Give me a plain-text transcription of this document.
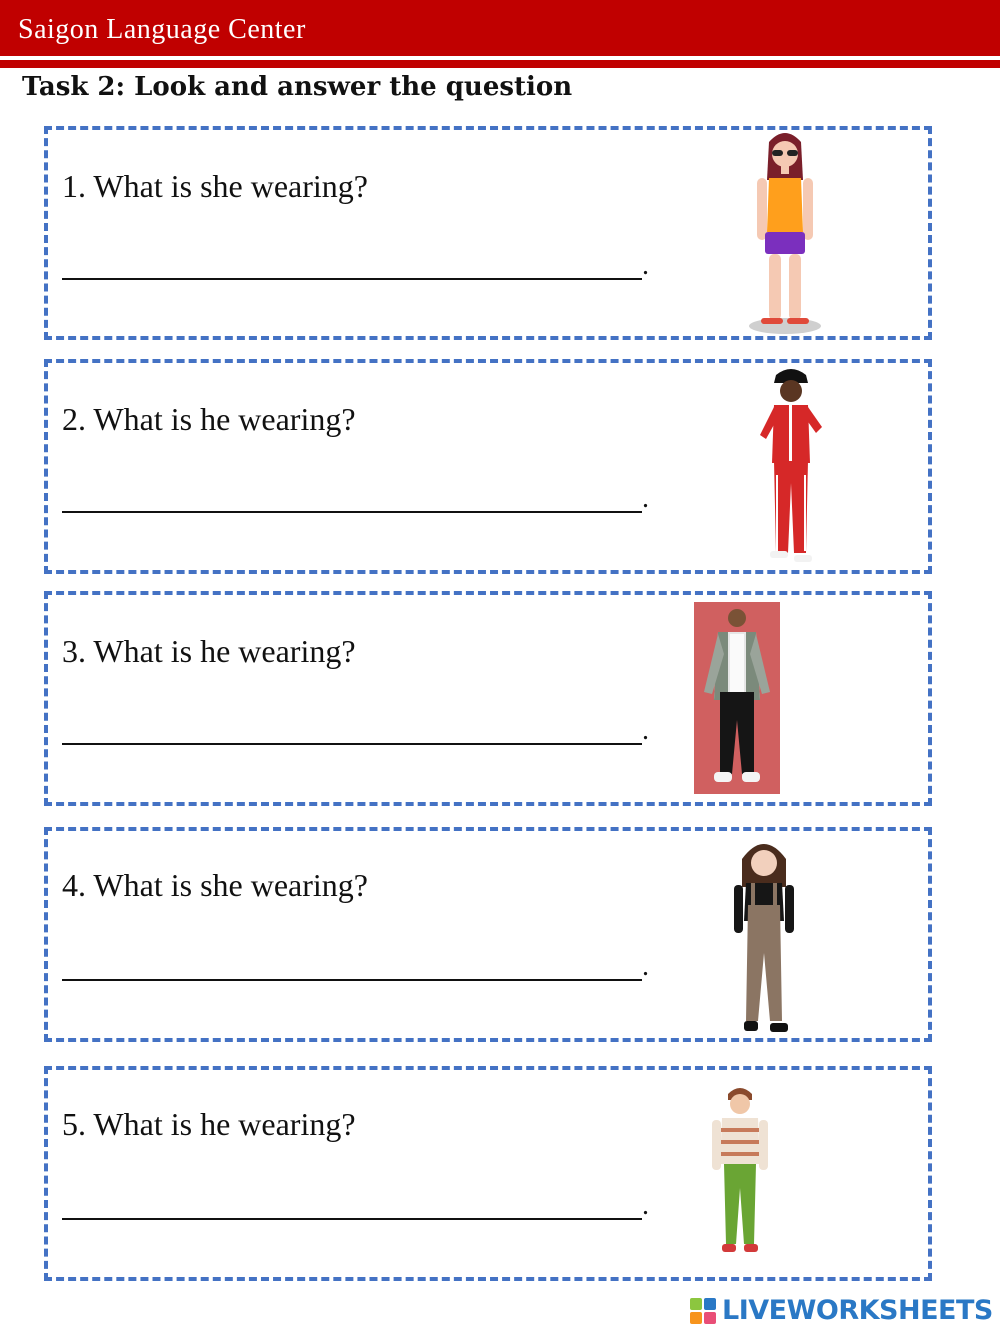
Saigon Language Center
Task 2: Look and answer the question
1. What is she wearing?
.
2. What is he wearing?
.
3. What is he wearing?
.
4. What is she wearing?
.
5. What is he wearing?
.
LIVEWORKSHEETS
